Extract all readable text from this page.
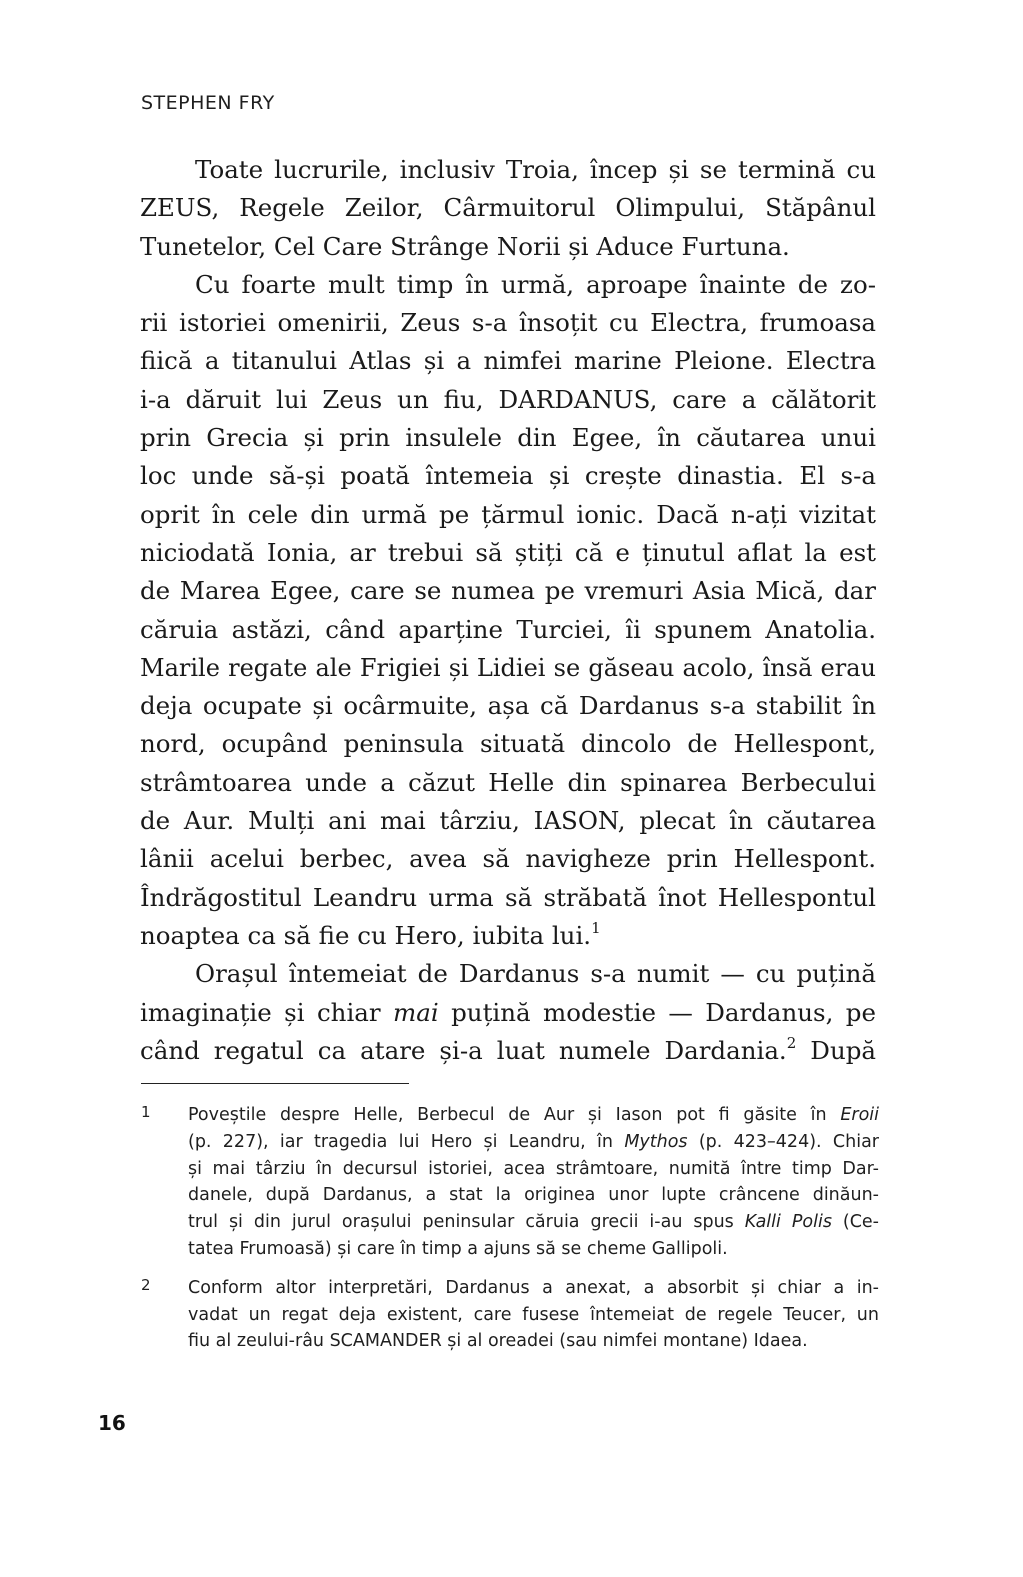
STEPHEN FRY

Toate lucrurile, inclusiv Troia, încep și se termină cu
ZEUS, Regele Zeilor, Cârmuitorul Olimpului, Stăpânul
Tunetelor, Cel Care Strânge Norii și Aduce Furtuna.

Cu foarte mult timp în urmă, aproape înainte de zo-
rii istoriei omenirii, Zeus s-a însoțit cu Electra, frumoasa
fiică a titanului Atlas și a nimfei marine Pleione. Electra
i-a dăruit lui Zeus un fiu, DARDANUS, care a călătorit
prin Grecia și prin insulele din Egee, în căutarea unui
loc unde să-și poată întemeia și crește dinastia. El s-a
oprit în cele din urmă pe țărmul ionic. Dacă n-ați vizitat
niciodată Ionia, ar trebui să știți că e ținutul aflat la est
de Marea Egee, care se numea pe vremuri Asia Mică, dar
căruia astăzi, când aparține Turciei, îi spunem Anatolia.
Marile regate ale Frigiei și Lidiei se găseau acolo, însă erau
deja ocupate și ocârmuite, așa că Dardanus s-a stabilit în
nord, ocupând peninsula situată dincolo de Hellespont,
strâmtoarea unde a căzut Helle din spinarea Berbecului
de Aur. Mulți ani mai târziu, IASON, plecat în căutarea
lânii acelui berbec, avea să navigheze prin Hellespont.
Îndrăgostitul Leandru urma să străbată înot Hellespontul
noaptea ca să fie cu Hero, iubita lui.$^1$

Orașul întemeiat de Dardanus s-a numit — cu puțină
imaginație și chiar mai puțină modestie — Dardanus, pe
când regatul ca atare și-a luat numele Dardania.$^2$ După

1 Poveștile despre Helle, Berbecul de Aur și Iason pot fi găsite în Eroii
(p. 227), iar tragedia lui Hero și Leandru, în Mythos (p. 423–424). Chiar
și mai târziu în decursul istoriei, acea strâmtoare, numită între timp Dar-
danele, după Dardanus, a stat la originea unor lupte crâncene dinăun-
trul și din jurul orașului peninsular căruia grecii i-au spus Kalli Polis (Ce-
tatea Frumoasă) și care în timp a ajuns să se cheme Gallipoli.
2 Conform altor interpretări, Dardanus a anexat, a absorbit și chiar a in-
vadat un regat deja existent, care fusese întemeiat de regele Teucer, un
fiu al zeului-râu SCAMANDER și al oreadei (sau nimfei montane) Idaea.
16
